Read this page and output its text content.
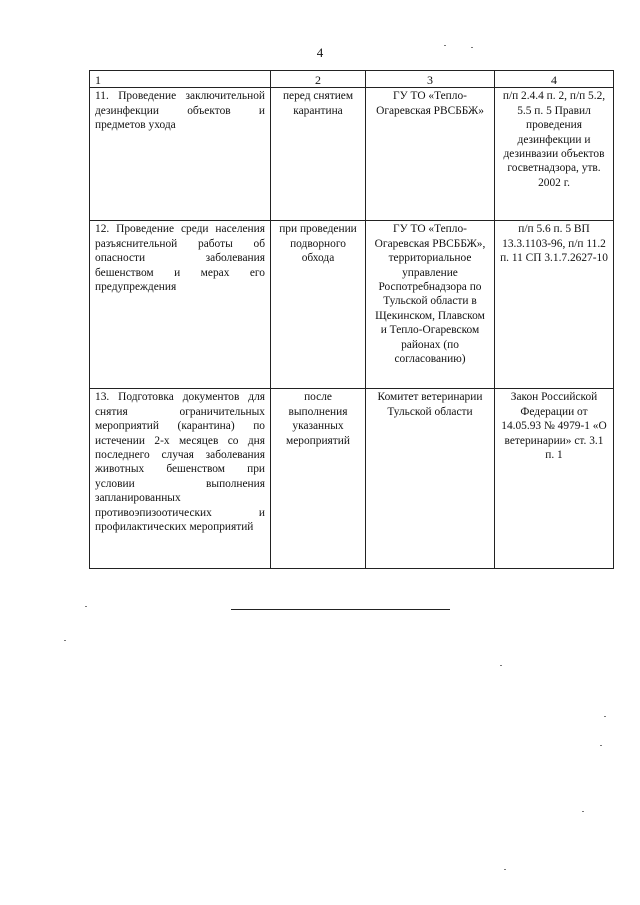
4
1	2	3	4
11. Проведение заключительной дезинфекции объектов и предметов ухода	перед снятием карантина	ГУ ТО «Тепло-Огаревская РВСББЖ»	п/п 2.4.4 п. 2, п/п 5.2, 5.5 п. 5 Правил проведения дезинфекции и дезинвазии объектов госветнадзора, утв. 2002 г.
12. Проведение среди населения разъяснительной работы об опасности заболевания бешенством и мерах его предупреждения	при проведении подворного обхода	ГУ ТО «Тепло-Огаревская РВСББЖ», территориальное управление Роспотребнадзора по Тульской области в Щекинском, Плавском и Тепло-Огаревском районах (по согласованию)	п/п 5.6 п. 5 ВП 13.3.1103-96, п/п 11.2 п. 11 СП 3.1.7.2627-10
13. Подготовка документов для снятия ограничительных мероприятий (карантина) по истечении 2-х месяцев со дня последнего случая заболевания животных бешенством при условии выполнения запланированных противоэпизоотических и профилактических мероприятий	после выполнения указанных мероприятий	Комитет ветеринарии Тульской области	Закон Российской Федерации от 14.05.93 № 4979-1 «О ветеринарии» ст. 3.1 п. 1
